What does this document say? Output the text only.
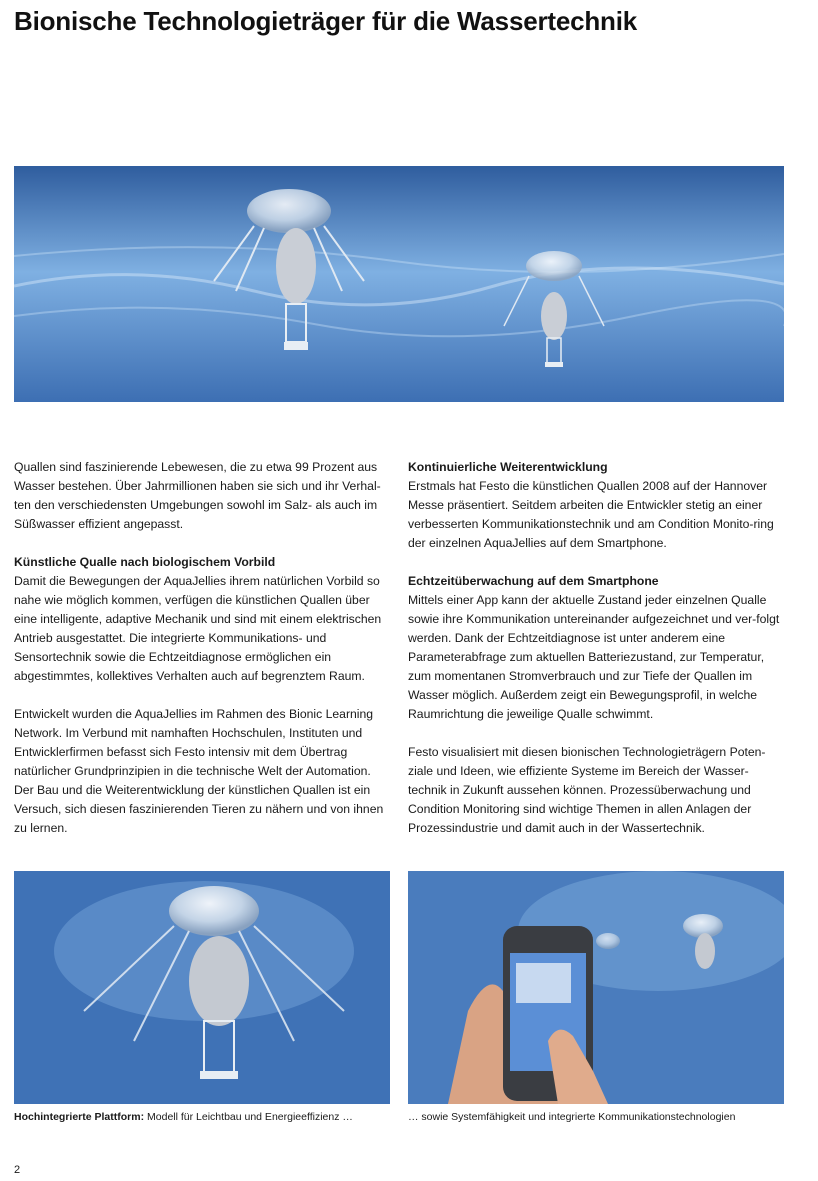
Bionische Technologieträger für die Wassertechnik

Quallen sind faszinierende Lebewesen, die zu etwa 99 Prozent aus Wasser bestehen. Über Jahrmillionen haben sie sich und ihr Verhal-ten den verschiedensten Umgebungen sowohl im Salz- als auch im Süßwasser effizient angepasst.

Künstliche Qualle nach biologischem Vorbild

Damit die Bewegungen der AquaJellies ihrem natürlichen Vorbild so nahe wie möglich kommen, verfügen die künstlichen Quallen über eine intelligente, adaptive Mechanik und sind mit einem elektrischen Antrieb ausgestattet. Die integrierte Kommunikations- und Sensortechnik sowie die Echtzeitdiagnose ermöglichen ein abgestimmtes, kollektives Verhalten auch auf begrenztem Raum.

Entwickelt wurden die AquaJellies im Rahmen des Bionic Learning Network. Im Verbund mit namhaften Hochschulen, Instituten und Entwicklerfirmen befasst sich Festo intensiv mit dem Übertrag natürlicher Grundprinzipien in die technische Welt der Automation. Der Bau und die Weiterentwicklung der künstlichen Quallen ist ein Versuch, sich diesen faszinierenden Tieren zu nähern und von ihnen zu lernen.

Kontinuierliche Weiterentwicklung

Erstmals hat Festo die künstlichen Quallen 2008 auf der Hannover Messe präsentiert. Seitdem arbeiten die Entwickler stetig an einer verbesserten Kommunikationstechnik und am Condition Monito-ring der einzelnen AquaJellies auf dem Smartphone.

Echtzeitüberwachung auf dem Smartphone

Mittels einer App kann der aktuelle Zustand jeder einzelnen Qualle sowie ihre Kommunikation untereinander aufgezeichnet und ver-folgt werden. Dank der Echtzeitdiagnose ist unter anderem eine Parameterabfrage zum aktuellen Batteriezustand, zur Temperatur, zum momentanen Stromverbrauch und zur Tiefe der Quallen im Wasser möglich. Außerdem zeigt ein Bewegungsprofil, in welche Raumrichtung die jeweilige Qualle schwimmt.

Festo visualisiert mit diesen bionischen Technologieträgern Poten-ziale und Ideen, wie effiziente Systeme im Bereich der Wasser-technik in Zukunft aussehen können. Prozessüberwachung und Condition Monitoring sind wichtige Themen in allen Anlagen der Prozessindustrie und damit auch in der Wassertechnik.

Hochintegrierte Plattform: Modell für Leichtbau und Energieeffizienz …	… sowie Systemfähigkeit und integrierte Kommunikationstechnologien
2
